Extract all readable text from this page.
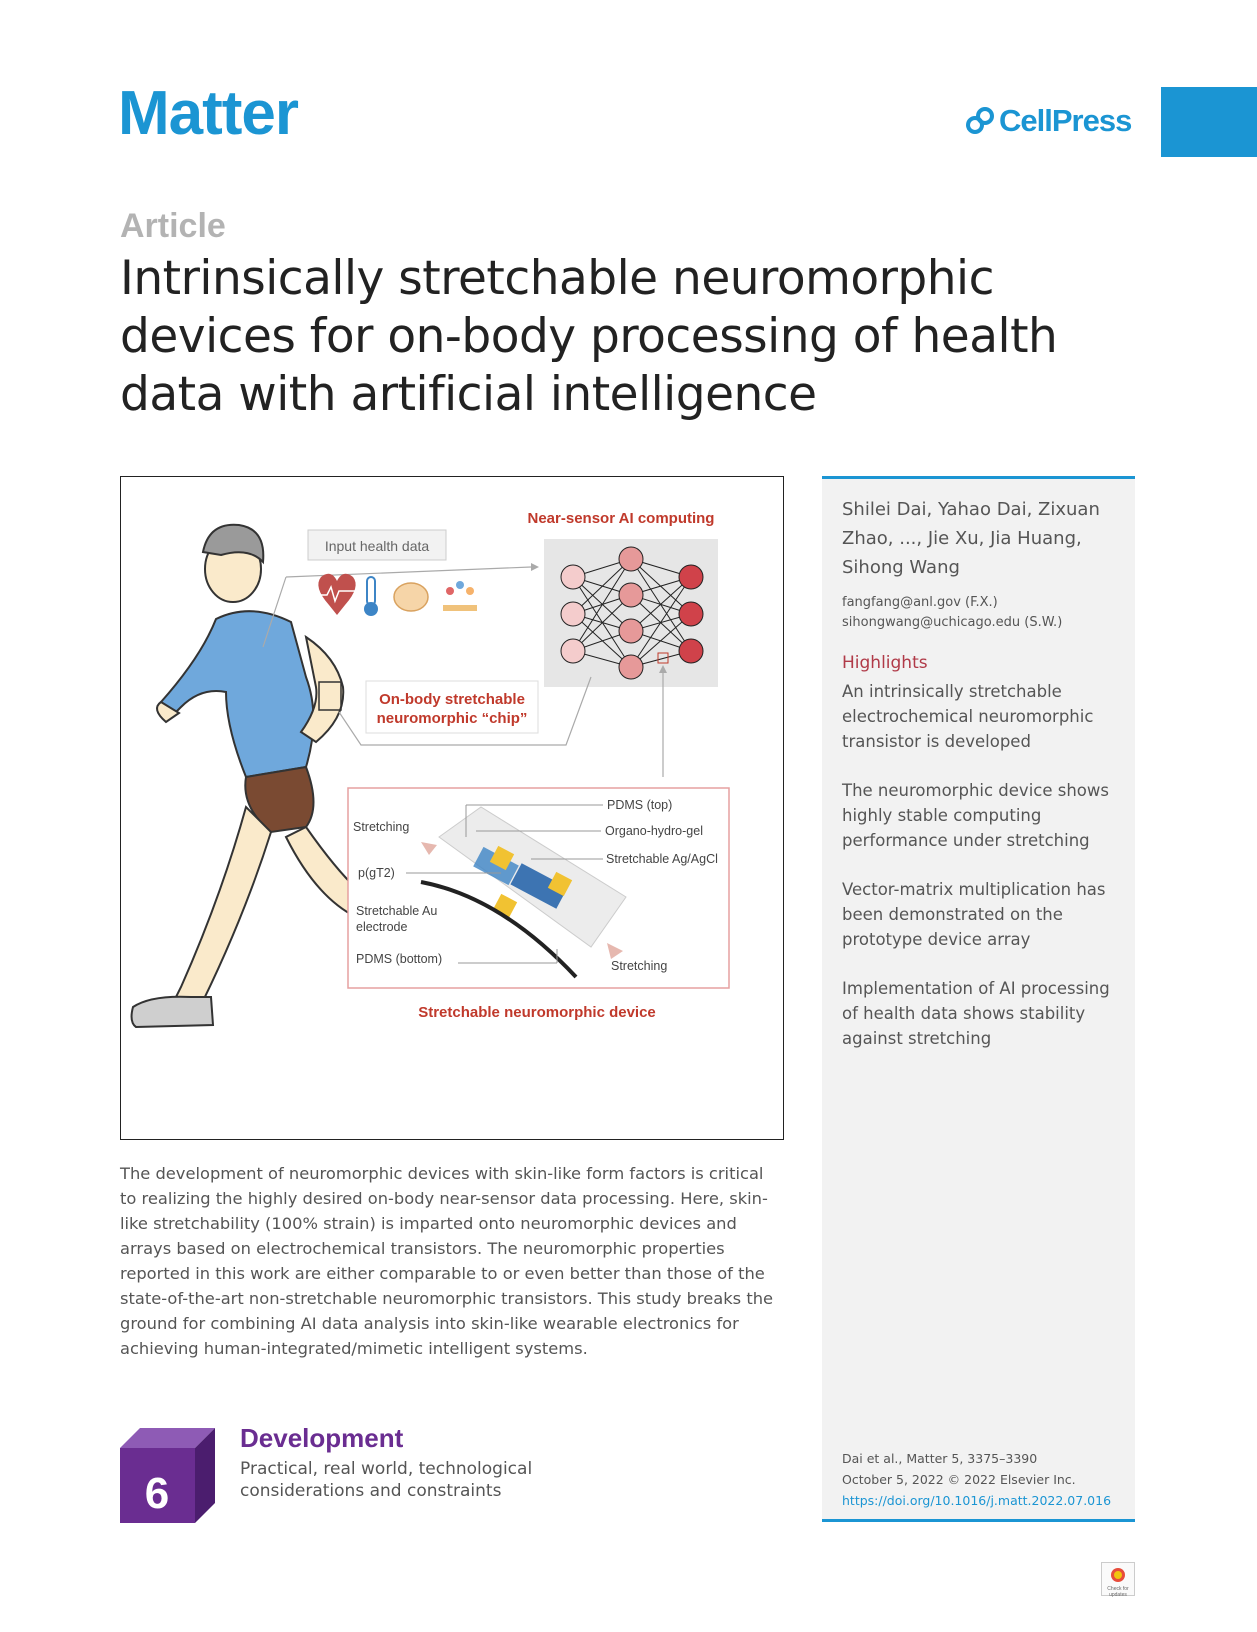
Matter	CellPress
Article
Intrinsically stretchable neuromorphic devices for on-body processing of health data with artificial intelligence
Input health data
Near-sensor AI computing
On-body stretchable
neuromorphic “chip”
PDMS (top)
Organo-hydro-gel
Stretchable Ag/AgCl
Stretching
p(gT2)
Stretchable Au
electrode
PDMS (bottom)	Stretching
Stretchable neuromorphic device
The development of neuromorphic devices with skin-like form factors is critical to realizing the highly desired on-body near-sensor data processing. Here, skin-like stretchability (100% strain) is imparted onto neuromorphic devices and arrays based on electrochemical transistors. The neuromorphic properties reported in this work are either comparable to or even better than those of the state-of-the-art non-stretchable neuromorphic transistors. This study breaks the ground for combining AI data analysis into skin-like wearable electronics for achieving human-integrated/mimetic intelligent systems.
Shilei Dai, Yahao Dai, Zixuan Zhao, ..., Jie Xu, Jia Huang, Sihong Wang
fangfang@anl.gov (F.X.)
sihongwang@uchicago.edu (S.W.)
Highlights
An intrinsically stretchable electrochemical neuromorphic transistor is developed
The neuromorphic device shows highly stable computing performance under stretching
Vector-matrix multiplication has been demonstrated on the prototype device array
Implementation of AI processing of health data shows stability against stretching
Dai et al., Matter 5, 3375–3390
October 5, 2022 © 2022 Elsevier Inc.
https://doi.org/10.1016/j.matt.2022.07.016
6
Development
Practical, real world, technological considerations and constraints
Check for updates
